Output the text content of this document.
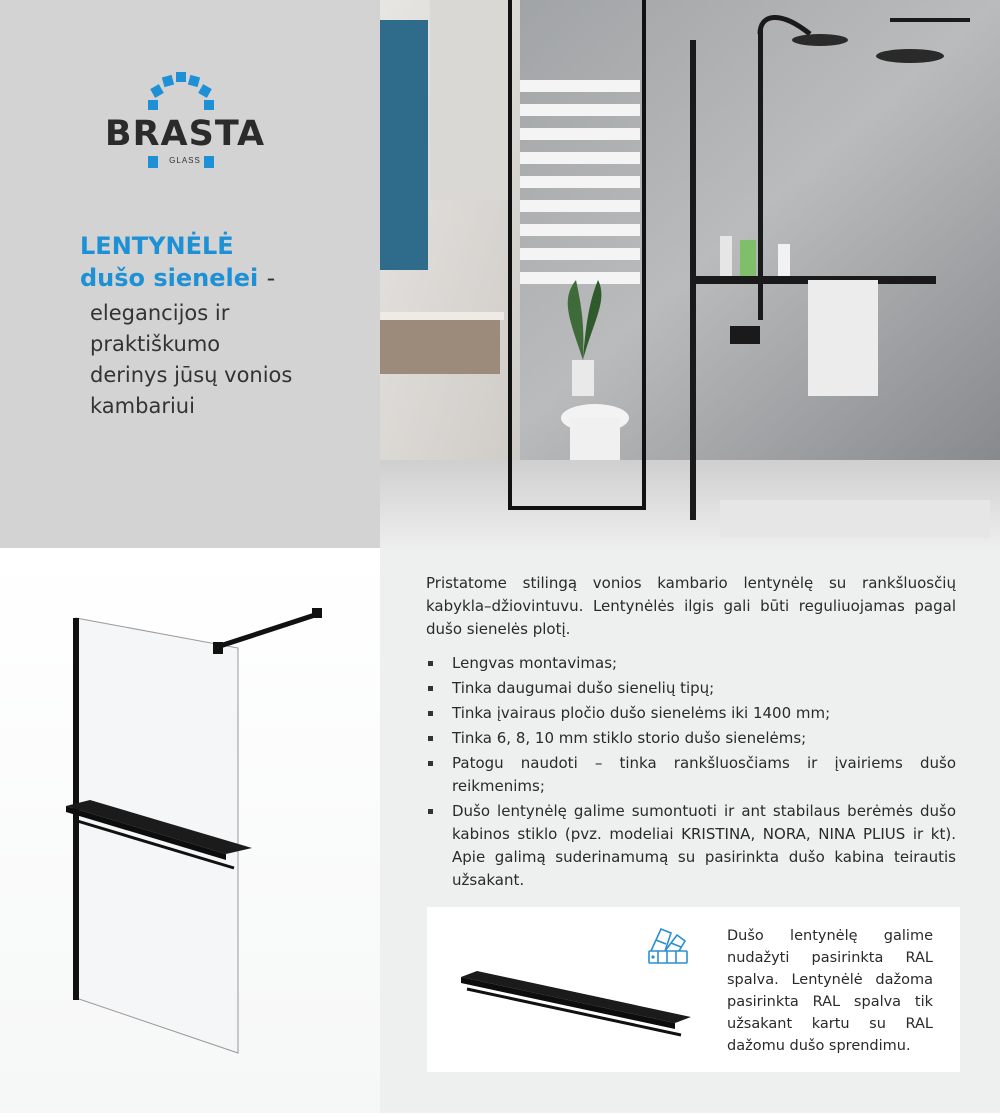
BRASTA
GLASS
LENTYNĖLĖ
dušo sienelei -
elegancijos ir praktiškumo derinys jūsų vonios kambariui

Pristatome stilingą vonios kambario lentynėlę su rankšluosčių kabykla–džiovintuvu. Lentynėlės ilgis gali būti reguliuojamas pagal dušo sienelės plotį.

Lengvas montavimas;
Tinka daugumai dušo sienelių tipų;
Tinka įvairaus pločio dušo sienelėms iki 1400 mm;
Tinka 6, 8, 10 mm stiklo storio dušo sienelėms;
Patogu naudoti – tinka rankšluosčiams ir įvairiems dušo reikmenims;
Dušo lentynėlę galime sumontuoti ir ant stabilaus berėmės dušo kabinos stiklo (pvz. modeliai KRISTINA, NORA, NINA PLIUS ir kt). Apie galimą suderinamumą su pasirinkta dušo kabina teirautis užsakant.

Dušo lentynėlę galime nudažyti pasirinkta RAL spalva. Lentynėlė dažoma pasirinkta RAL spalva tik užsakant kartu su RAL dažomu dušo sprendimu.
